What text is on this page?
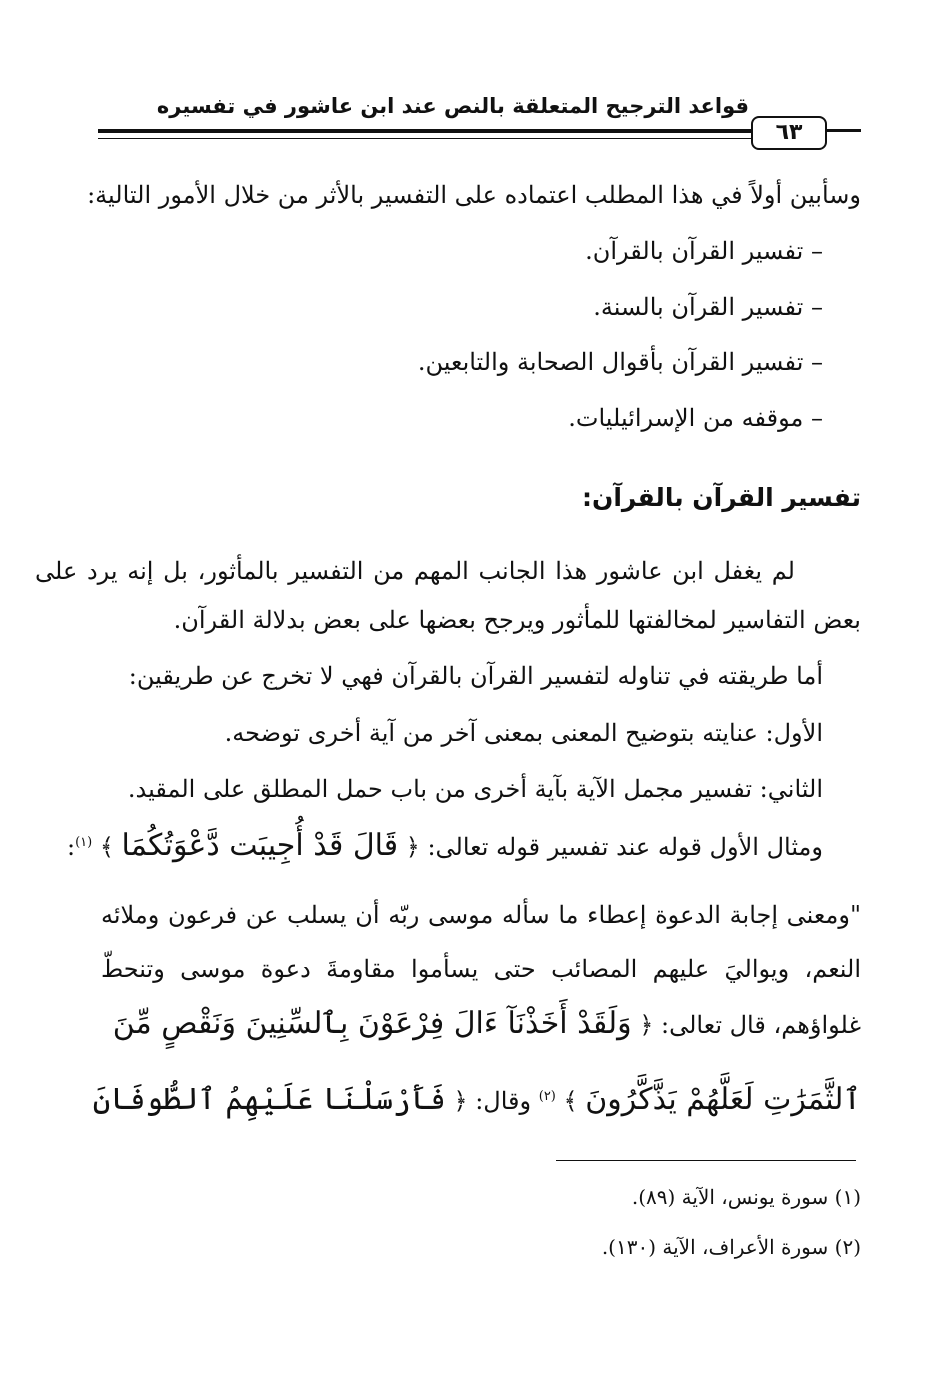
قواعد الترجيح المتعلقة بالنص عند ابن عاشور في تفسيره
٦٣
وسأبين أولاً في هذا المطلب اعتماده على التفسير بالأثر من خلال الأمور التالية:
– تفسير القرآن بالقرآن.
– تفسير القرآن بالسنة.
– تفسير القرآن بأقوال الصحابة والتابعين.
– موقفه من الإسرائيليات.
تفسير القرآن بالقرآن:
لم يغفل ابن عاشور هذا الجانب المهم من التفسير بالمأثور، بل إنه يرد على
بعض التفاسير لمخالفتها للمأثور ويرجح بعضها على بعض بدلالة القرآن.
أما طريقته في تناوله لتفسير القرآن بالقرآن فهي لا تخرج عن طريقين:
الأول: عنايته بتوضيح المعنى بمعنى آخر من آية أخرى توضحه.
الثاني: تفسير مجمل الآية بآية أخرى من باب حمل المطلق على المقيد.
ومثال الأول قوله عند تفسير قوله تعالى: ﴿ قَالَ قَدْ أُجِيبَت دَّعْوَتُكُمَا ﴾ $^{(١)}$:
"ومعنى إجابة الدعوة إعطاء ما سأله موسى ربّه أن يسلب عن فرعون وملائه
النعم، ويواليَ عليهم المصائب حتى يسأموا مقاومةَ دعوة موسى وتنحطّ
غلواؤهم، قال تعالى: ﴿ وَلَقَدْ أَخَذْنَآ ءَالَ فِرْعَوْنَ بِٱلسِّنِينَ وَنَقْصٍ مِّنَ
ٱلثَّمَرَٰتِ لَعَلَّهُمْ يَذَّكَّرُونَ ﴾ $^{(٢)}$ وقال: ﴿ فَأَرْسَلْنَا عَلَيْهِمُ ٱلطُّوفَانَ
(١) سورة يونس، الآية (٨٩).
(٢) سورة الأعراف، الآية (١٣٠).
